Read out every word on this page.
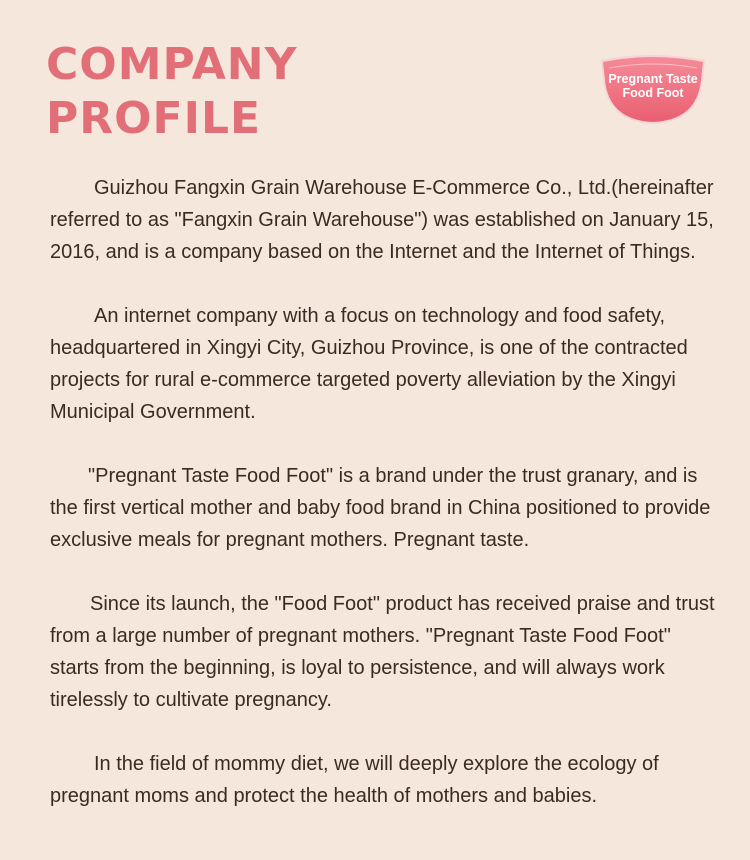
COMPANY
PROFILE
Pregnant Taste
Food Foot

Guizhou Fangxin Grain Warehouse E-Commerce Co., Ltd.(hereinafter referred to as "Fangxin Grain Warehouse") was established on January 15, 2016, and is a company based on the Internet and the Internet of Things.

An internet company with a focus on technology and food safety, headquartered in Xingyi City, Guizhou Province, is one of the contracted projects for rural e-commerce targeted poverty alleviation by the Xingyi Municipal Government.

"Pregnant Taste Food Foot" is a brand under the trust granary, and is the first vertical mother and baby food brand in China positioned to provide exclusive meals for pregnant mothers. Pregnant taste.

Since its launch, the "Food Foot" product has received praise and trust from a large number of pregnant mothers. "Pregnant Taste Food Foot" starts from the beginning, is loyal to persistence, and will always work tirelessly to cultivate pregnancy.

In the field of mommy diet, we will deeply explore the ecology of pregnant moms and protect the health of mothers and babies.
